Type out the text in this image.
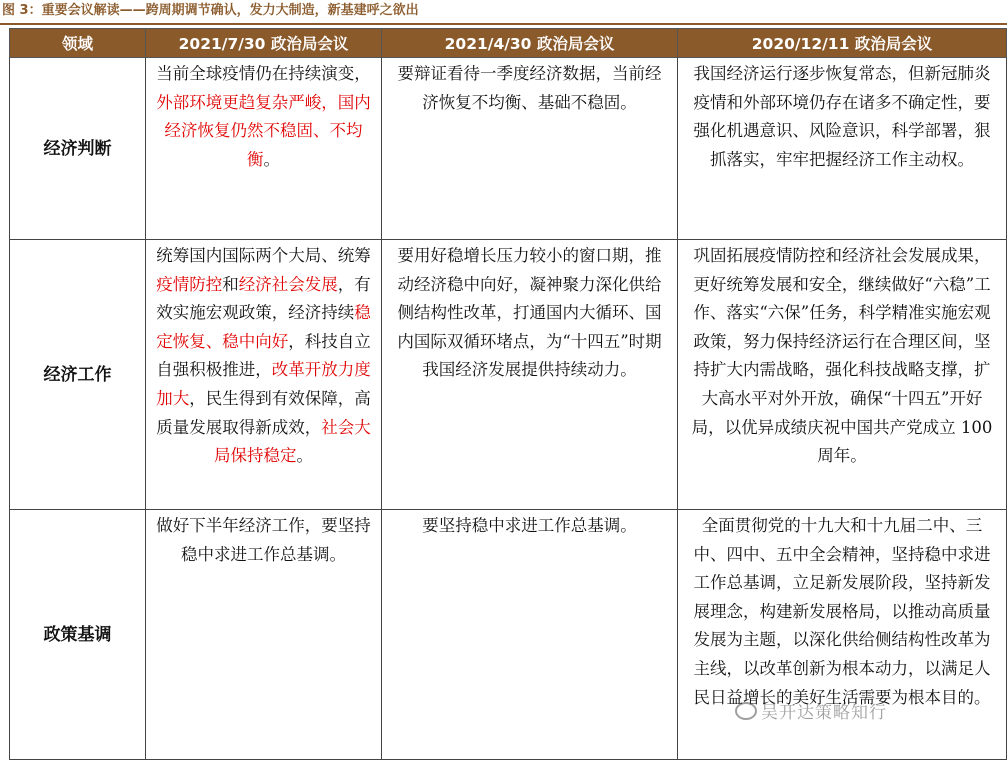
图 3：重要会议解读——跨周期调节确认，发力大制造，新基建呼之欲出
领域	2021/7/30 政治局会议	2021/4/30 政治局会议	2020/12/11 政治局会议
经济判断	当前全球疫情仍在持续演变，外部环境更趋复杂严峻，国内经济恢复仍然不稳固、不均衡。	要辩证看待一季度经济数据，当前经济恢复不均衡、基础不稳固。	我国经济运行逐步恢复常态，但新冠肺炎疫情和外部环境仍存在诸多不确定性，要强化机遇意识、风险意识，科学部署，狠抓落实，牢牢把握经济工作主动权。
经济工作	统筹国内国际两个大局、统筹疫情防控和经济社会发展，有效实施宏观政策，经济持续稳定恢复、稳中向好，科技自立自强积极推进，改革开放力度加大，民生得到有效保障，高质量发展取得新成效，社会大局保持稳定。	要用好稳增长压力较小的窗口期，推动经济稳中向好，凝神聚力深化供给侧结构性改革，打通国内大循环、国内国际双循环堵点，为“十四五”时期我国经济发展提供持续动力。	巩固拓展疫情防控和经济社会发展成果，更好统筹发展和安全，继续做好“六稳”工作、落实“六保”任务，科学精准实施宏观政策，努力保持经济运行在合理区间，坚持扩大内需战略，强化科技战略支撑，扩大高水平对外开放，确保“十四五”开好局，以优异成绩庆祝中国共产党成立 100 周年。
政策基调	做好下半年经济工作，要坚持稳中求进工作总基调。	要坚持稳中求进工作总基调。	全面贯彻党的十九大和十九届二中、三中、四中、五中全会精神，坚持稳中求进工作总基调，立足新发展阶段，坚持新发展理念，构建新发展格局，以推动高质量发展为主题，以深化供给侧结构性改革为主线，以改革创新为根本动力，以满足人民日益增长的美好生活需要为根本目的。
吴开达策略知行
